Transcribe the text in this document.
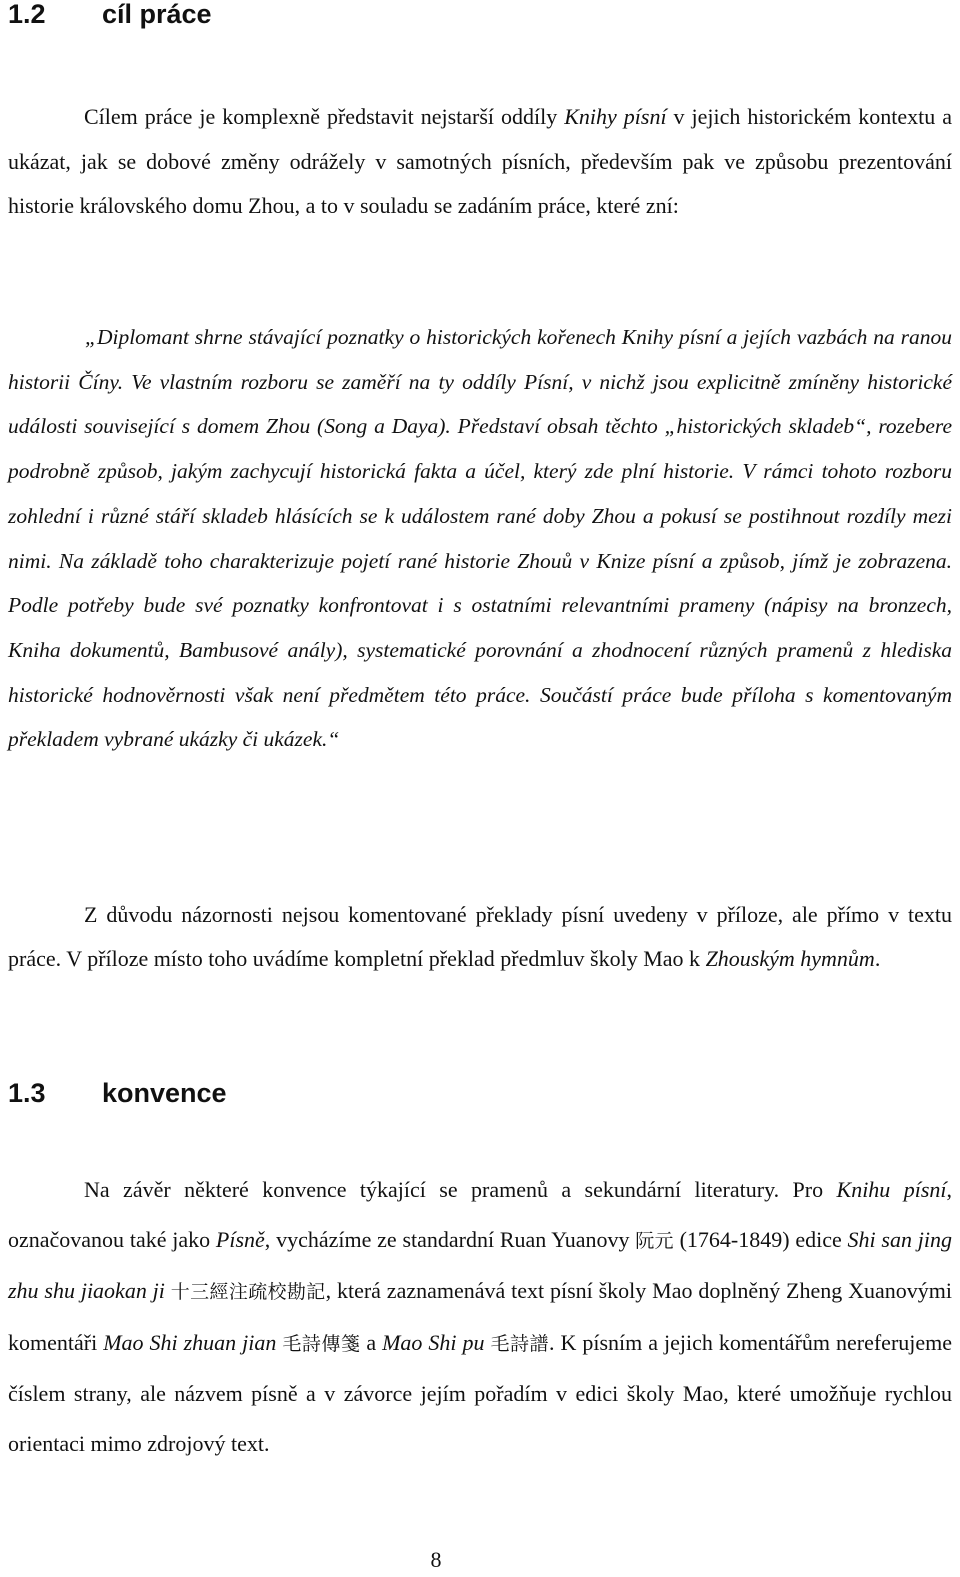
1.2 cíl práce

Cílem práce je komplexně představit nejstarší oddíly Knihy písní v jejich historickém kontextu a ukázat, jak se dobové změny odrážely v samotných písních, především pak ve způsobu prezentování historie královského domu Zhou, a to v souladu se zadáním práce, které zní:

„Diplomant shrne stávající poznatky o historických kořenech Knihy písní a jejích vazbách na ranou historii Číny. Ve vlastním rozboru se zaměří na ty oddíly Písní, v nichž jsou explicitně zmíněny historické události související s domem Zhou (Song a Daya). Představí obsah těchto „historických skladeb“, rozebere podrobně způsob, jakým zachycují historická fakta a účel, který zde plní historie. V rámci tohoto rozboru zohlední i různé stáří skladeb hlásících se k událostem rané doby Zhou a pokusí se postihnout rozdíly mezi nimi. Na základě toho charakterizuje pojetí rané historie Zhouů v Knize písní a způsob, jímž je zobrazena. Podle potřeby bude své poznatky konfrontovat i s ostatními relevantními prameny (nápisy na bronzech, Kniha dokumentů, Bambusové anály), systematické porovnání a zhodnocení různých pramenů z hlediska historické hodnověrnosti však není předmětem této práce. Součástí práce bude příloha s komentovaným překladem vybrané ukázky či ukázek.“

Z důvodu názornosti nejsou komentované překlady písní uvedeny v příloze, ale přímo v textu práce. V příloze místo toho uvádíme kompletní překlad předmluv školy Mao k Zhouským hymnům.

1.3 konvence

Na závěr některé konvence týkající se pramenů a sekundární literatury. Pro Knihu písní, označovanou také jako Písně, vycházíme ze standardní Ruan Yuanovy 阮元 (1764-1849) edice Shi san jing zhu shu jiaokan ji 十三經注疏校勘記, která zaznamenává text písní školy Mao doplněný Zheng Xuanovými komentáři Mao Shi zhuan jian 毛詩傳箋 a Mao Shi pu 毛詩譜. K písním a jejich komentářům nereferujeme číslem strany, ale názvem písně a v závorce jejím pořadím v edici školy Mao, které umožňuje rychlou orientaci mimo zdrojový text.

8
